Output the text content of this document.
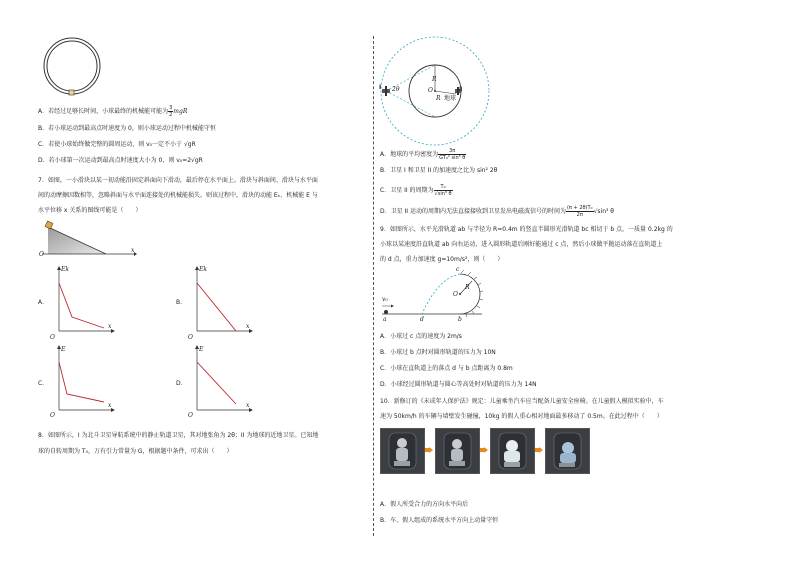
A．若经过足够长时间，小球最终的机械能可能为 $\frac{3}{2}$ mgR
B．若小球运动到最高点时速度为 0，则小球运动过程中机械能守恒
C．若使小球始终做完整的圆周运动，则 v₀一定不小于 √gR
D．若小球第一次运动到最高点时速度大小为 0，则 v₀=2√gR
7．如图，一小滑块以某一初动能沿固定斜面向下滑动，最后停在水平面上。滑块与斜面间、滑块与水平面
间的动摩擦因数相等，忽略斜面与水平面连接处的机械能损失。则该过程中，滑块的动能 Eₖ、机械能 E 与
水平位移 x 关系的图线可能是（　　）
O
x
Ek
x
O
A．
Ek
x
O
B．
E
x
O
C．
E
x
O
D．
8．如图所示，I 为北斗卫星导航系统中的静止轨道卫星，其对地张角为 2θ；II 为地球的近地卫星。已知地
球的自转周期为 T₀，万有引力常量为 G，根据题中条件，可求出（　　）
I 2θ	II
R
O
R 地球
A．地球的平均密度为 $\frac{3\pi}{\text{GT₀² sin³ θ}}$
B．卫星 I 和卫星 II 的加速度之比为 sin² 2θ
C．卫星 II 的周期为 $\frac{\text{T₀}}{\text{√sin³ θ}}$
D．卫星 II 运动的周期内无法直接接收到卫星发出电磁波信号的时间为 $\frac{\text{(π + 2θ)T₀}}{2\pi} √\sin^3$ θ
9．如图所示，水平光滑轨道 ab 与半径为 R=0.4m 的竖直半圆形光滑轨道 bc 相切于 b 点，一质量 0.2kg 的
小球以某速度沿直轨道 ab 向右运动，进入圆形轨道后刚好能通过 c 点，然后小球做平抛运动落在直轨道上
的 d 点，重力加速度 g=10m/s²，则（　　）
c
O
R
v₀
a	d	b
A．小球过 c 点的速度为 2m/s
B．小球过 b 点时对圆形轨道的压力为 10N
C．小球在直轨道上的落点 d 与 b 点距离为 0.8m
D．小球经过圆形轨道与圆心等高处时对轨道的压力为 14N
10．新修订的《未成年人保护法》规定：儿童乘坐汽车应当配备儿童安全座椅。在儿童假人模拟实验中，车
速为 50km/h 的车辆与墙壁发生碰撞，10kg 的假人重心相对地面最多移动了 0.5m。在此过程中（　　）
A．假人所受合力的方向水平向后
B．车、假人组成的系统水平方向上动量守恒
